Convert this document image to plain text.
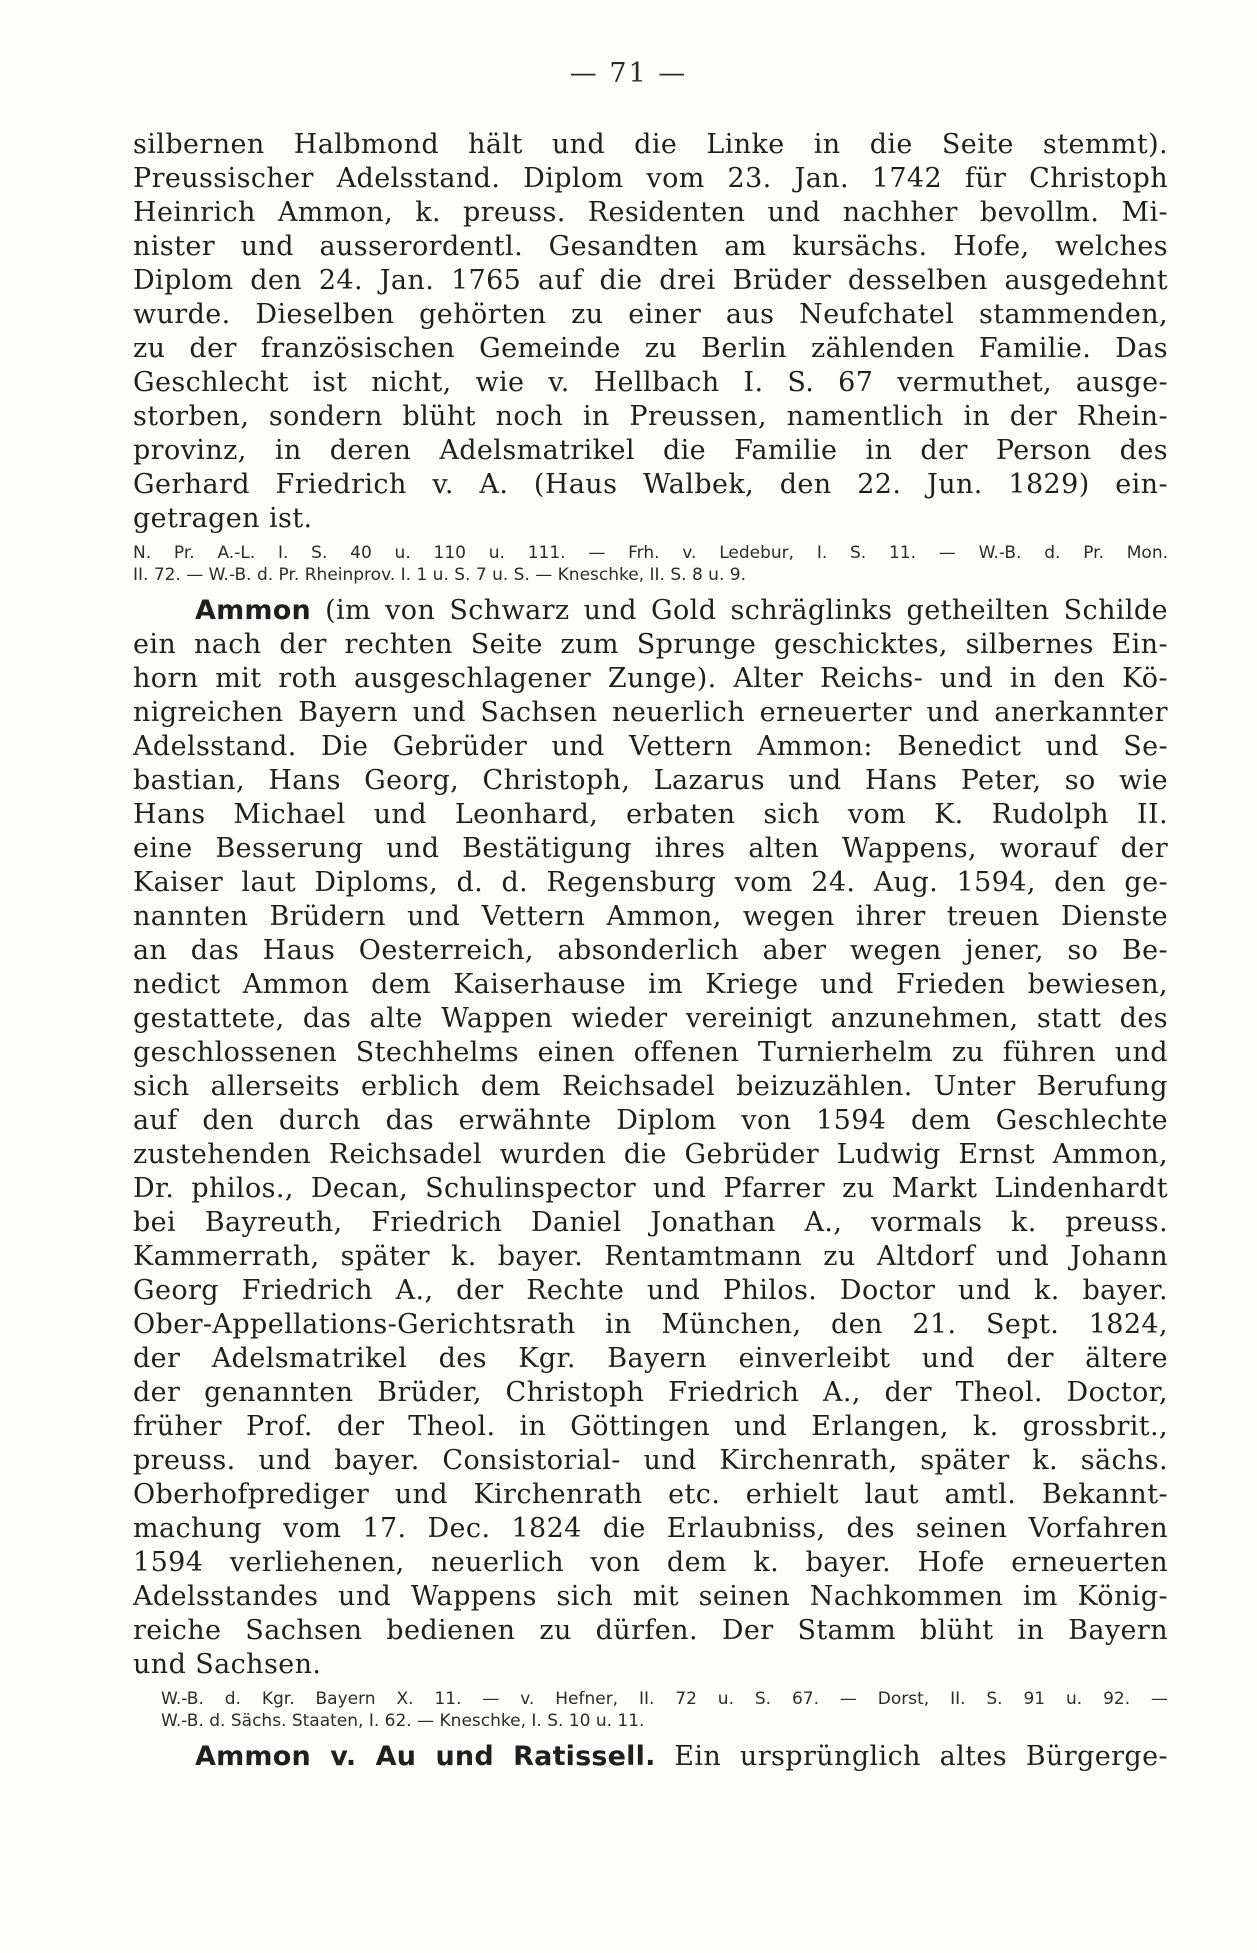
— 71 —
silbernen Halbmond hält und die Linke in die Seite stemmt).
Preussischer Adelsstand. Diplom vom 23. Jan. 1742 für Christoph
Heinrich Ammon, k. preuss. Residenten und nachher bevollm. Mi-
nister und ausserordentl. Gesandten am kursächs. Hofe, welches
Diplom den 24. Jan. 1765 auf die drei Brüder desselben ausgedehnt
wurde. Dieselben gehörten zu einer aus Neufchatel stammenden,
zu der französischen Gemeinde zu Berlin zählenden Familie. Das
Geschlecht ist nicht, wie v. Hellbach I. S. 67 vermuthet, ausge-
storben, sondern blüht noch in Preussen, namentlich in der Rhein-
provinz, in deren Adelsmatrikel die Familie in der Person des
Gerhard Friedrich v. A. (Haus Walbek, den 22. Jun. 1829) ein-
getragen ist.
N. Pr. A.-L. I. S. 40 u. 110 u. 111. — Frh. v. Ledebur, I. S. 11. — W.-B. d. Pr. Mon.
II. 72. — W.-B. d. Pr. Rheinprov. I. 1 u. S. 7 u. S. — Kneschke, II. S. 8 u. 9.
Ammon (im von Schwarz und Gold schräglinks getheilten Schilde
ein nach der rechten Seite zum Sprunge geschicktes, silbernes Ein-
horn mit roth ausgeschlagener Zunge). Alter Reichs- und in den Kö-
nigreichen Bayern und Sachsen neuerlich erneuerter und anerkannter
Adelsstand. Die Gebrüder und Vettern Ammon: Benedict und Se-
bastian, Hans Georg, Christoph, Lazarus und Hans Peter, so wie
Hans Michael und Leonhard, erbaten sich vom K. Rudolph II.
eine Besserung und Bestätigung ihres alten Wappens, worauf der
Kaiser laut Diploms, d. d. Regensburg vom 24. Aug. 1594, den ge-
nannten Brüdern und Vettern Ammon, wegen ihrer treuen Dienste
an das Haus Oesterreich, absonderlich aber wegen jener, so Be-
nedict Ammon dem Kaiserhause im Kriege und Frieden bewiesen,
gestattete, das alte Wappen wieder vereinigt anzunehmen, statt des
geschlossenen Stechhelms einen offenen Turnierhelm zu führen und
sich allerseits erblich dem Reichsadel beizuzählen. Unter Berufung
auf den durch das erwähnte Diplom von 1594 dem Geschlechte
zustehenden Reichsadel wurden die Gebrüder Ludwig Ernst Ammon,
Dr. philos., Decan, Schulinspector und Pfarrer zu Markt Lindenhardt
bei Bayreuth, Friedrich Daniel Jonathan A., vormals k. preuss.
Kammerrath, später k. bayer. Rentamtmann zu Altdorf und Johann
Georg Friedrich A., der Rechte und Philos. Doctor und k. bayer.
Ober-Appellations-Gerichtsrath in München, den 21. Sept. 1824,
der Adelsmatrikel des Kgr. Bayern einverleibt und der ältere
der genannten Brüder, Christoph Friedrich A., der Theol. Doctor,
früher Prof. der Theol. in Göttingen und Erlangen, k. grossbrit.,
preuss. und bayer. Consistorial- und Kirchenrath, später k. sächs.
Oberhofprediger und Kirchenrath etc. erhielt laut amtl. Bekannt-
machung vom 17. Dec. 1824 die Erlaubniss, des seinen Vorfahren
1594 verliehenen, neuerlich von dem k. bayer. Hofe erneuerten
Adelsstandes und Wappens sich mit seinen Nachkommen im König-
reiche Sachsen bedienen zu dürfen. Der Stamm blüht in Bayern
und Sachsen.
W.-B. d. Kgr. Bayern X. 11. — v. Hefner, II. 72 u. S. 67. — Dorst, II. S. 91 u. 92. —
W.-B. d. Sächs. Staaten, I. 62. — Kneschke, I. S. 10 u. 11.
Ammon v. Au und Ratissell. Ein ursprünglich altes Bürgerge-
